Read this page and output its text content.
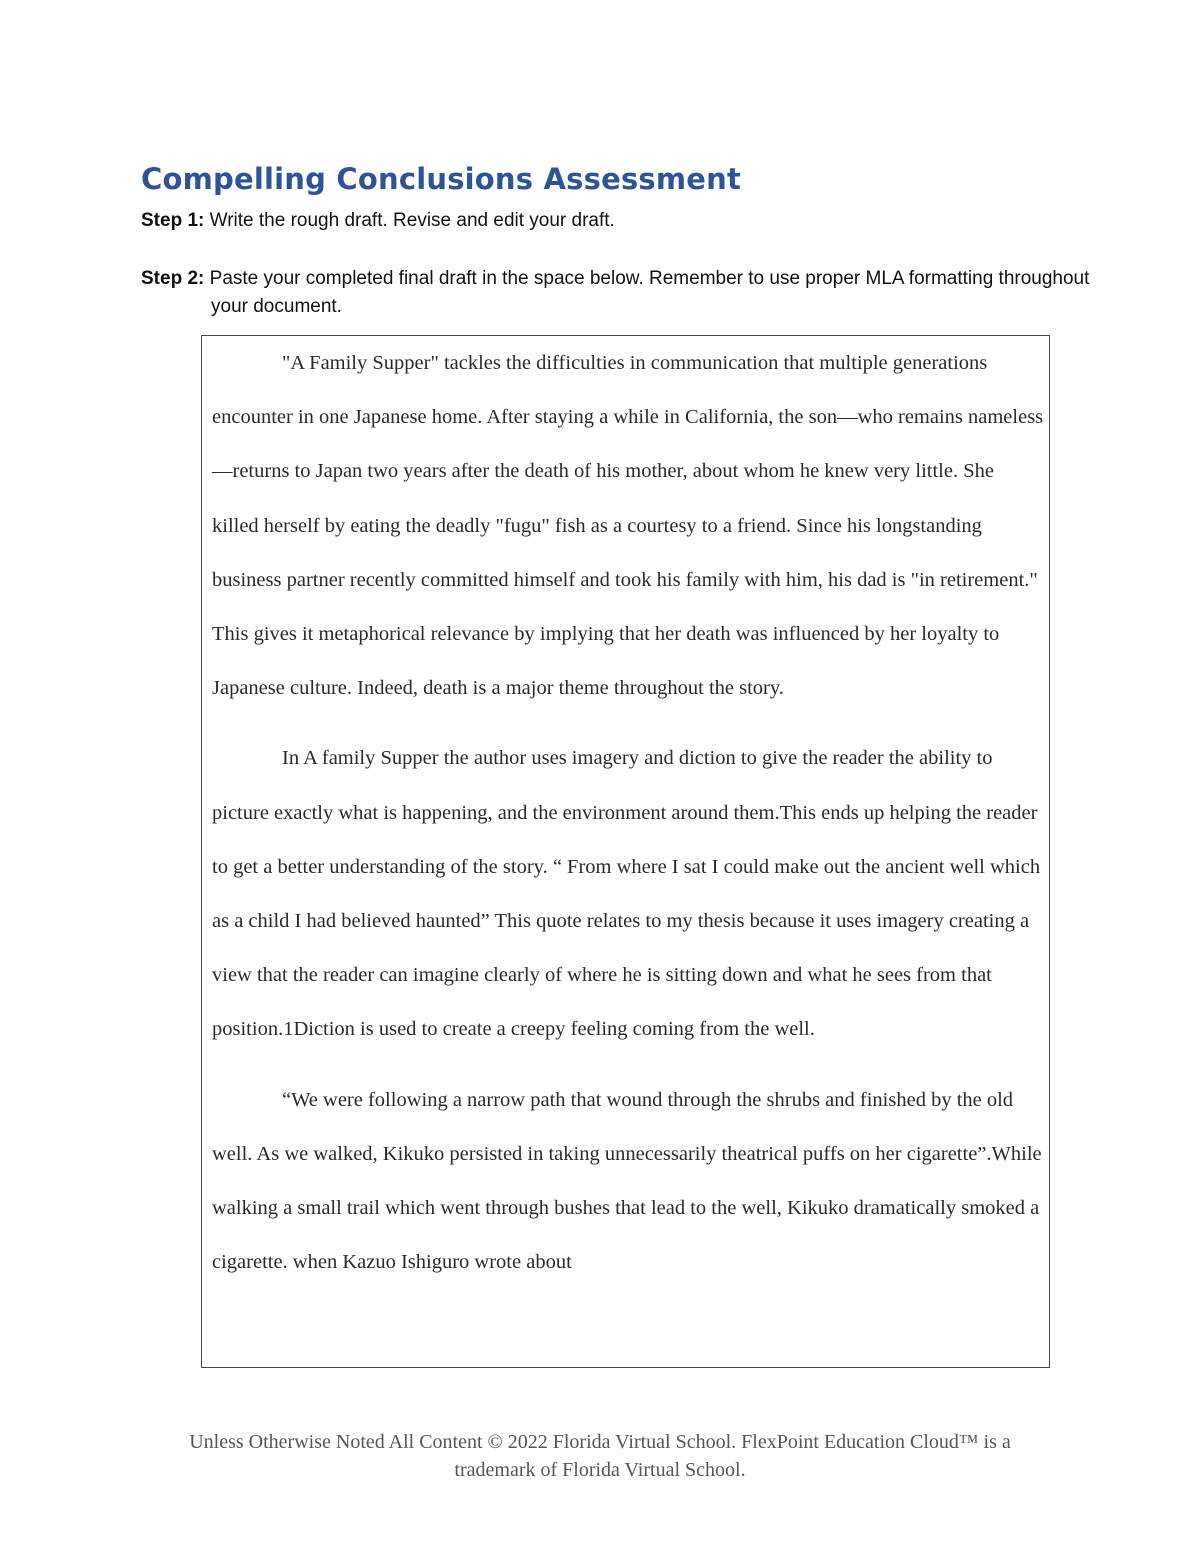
Compelling Conclusions Assessment

Step 1: Write the rough draft. Revise and edit your draft.

Step 2: Paste your completed final draft in the space below. Remember to use proper MLA formatting throughout your document.

"A Family Supper" tackles the difficulties in communication that multiple generations encounter in one Japanese home. After staying a while in California, the son—who remains nameless—returns to Japan two years after the death of his mother, about whom he knew very little. She killed herself by eating the deadly "fugu" fish as a courtesy to a friend. Since his longstanding business partner recently committed himself and took his family with him, his dad is "in retirement." This gives it metaphorical relevance by implying that her death was influenced by her loyalty to Japanese culture. Indeed, death is a major theme throughout the story.

In A family Supper the author uses imagery and diction to give the reader the ability to picture exactly what is happening, and the environment around them.This ends up helping the reader to get a better understanding of the story. “ From where I sat I could make out the ancient well which as a child I had believed haunted” This quote relates to my thesis because it uses imagery creating a view that the reader can imagine clearly of where he is sitting down and what he sees from that position.1Diction is used to create a creepy feeling coming from the well.

“We were following a narrow path that wound through the shrubs and finished by the old well. As we walked, Kikuko persisted in taking unnecessarily theatrical puffs on her cigarette”.While walking a small trail which went through bushes that lead to the well, Kikuko dramatically smoked a cigarette. when Kazuo Ishiguro wrote about

Unless Otherwise Noted All Content © 2022 Florida Virtual School. FlexPoint Education Cloud™ is a trademark of Florida Virtual School.
